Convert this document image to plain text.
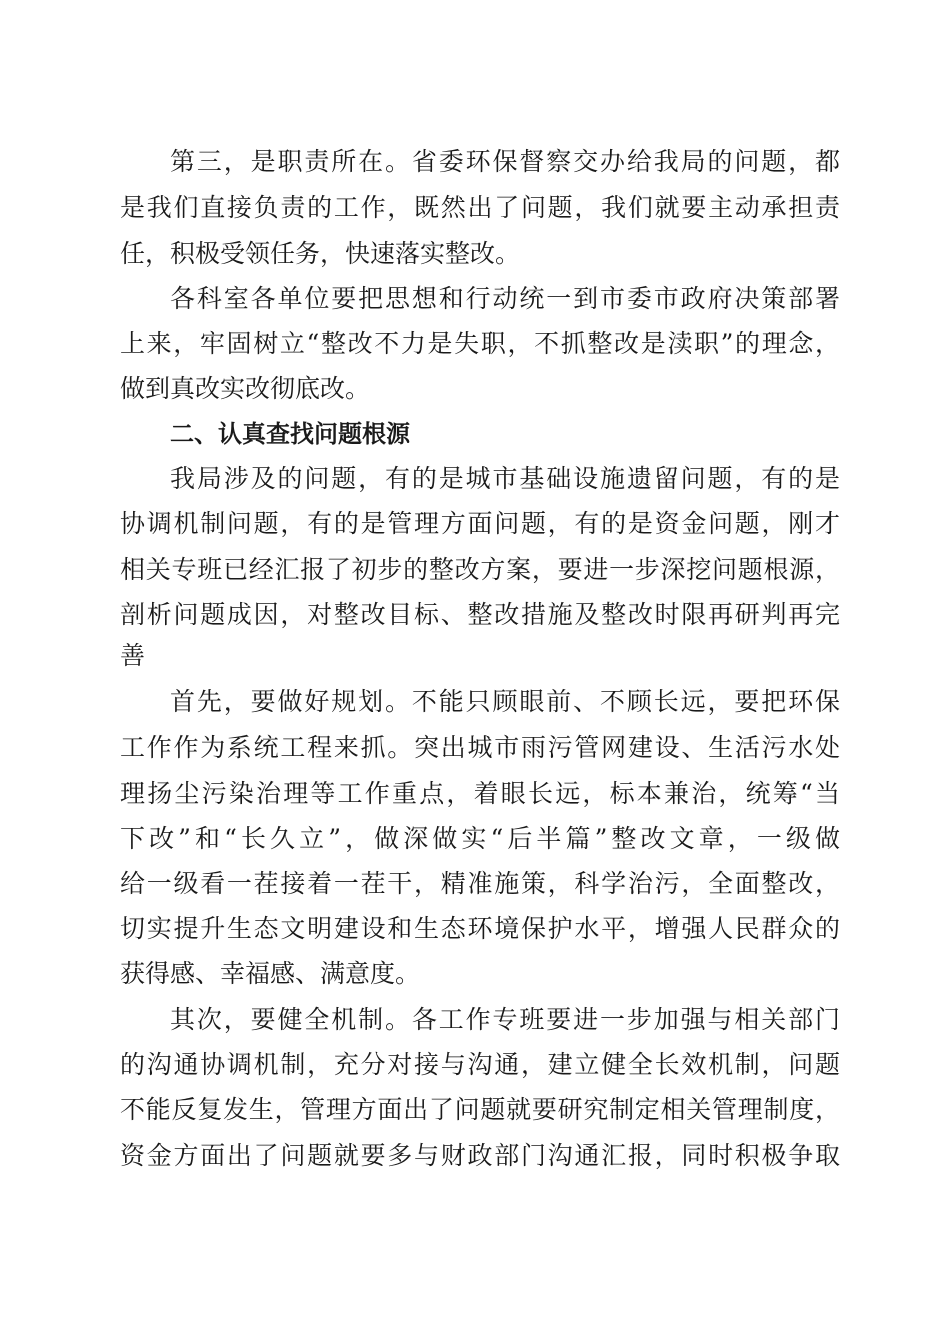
第三，是职责所在。省委环保督察交办给我局的问题，都
是我们直接负责的工作，既然出了问题，我们就要主动承担责
任，积极受领任务，快速落实整改。
各科室各单位要把思想和行动统一到市委市政府决策部署
上来，牢固树立“整改不力是失职，不抓整改是渎职”的理念，
做到真改实改彻底改。
二、认真查找问题根源
我局涉及的问题，有的是城市基础设施遗留问题，有的是
协调机制问题，有的是管理方面问题，有的是资金问题，刚才
相关专班已经汇报了初步的整改方案，要进一步深挖问题根源，
剖析问题成因，对整改目标、整改措施及整改时限再研判再完
善
首先，要做好规划。不能只顾眼前、不顾长远，要把环保
工作作为系统工程来抓。突出城市雨污管网建设、生活污水处
理扬尘污染治理等工作重点，着眼长远，标本兼治，统筹“当
下改”和“长久立”，做深做实“后半篇”整改文章，一级做
给一级看一茬接着一茬干，精准施策，科学治污，全面整改，
切实提升生态文明建设和生态环境保护水平，增强人民群众的
获得感、幸福感、满意度。
其次，要健全机制。各工作专班要进一步加强与相关部门
的沟通协调机制，充分对接与沟通，建立健全长效机制，问题
不能反复发生，管理方面出了问题就要研究制定相关管理制度，
资金方面出了问题就要多与财政部门沟通汇报，同时积极争取
